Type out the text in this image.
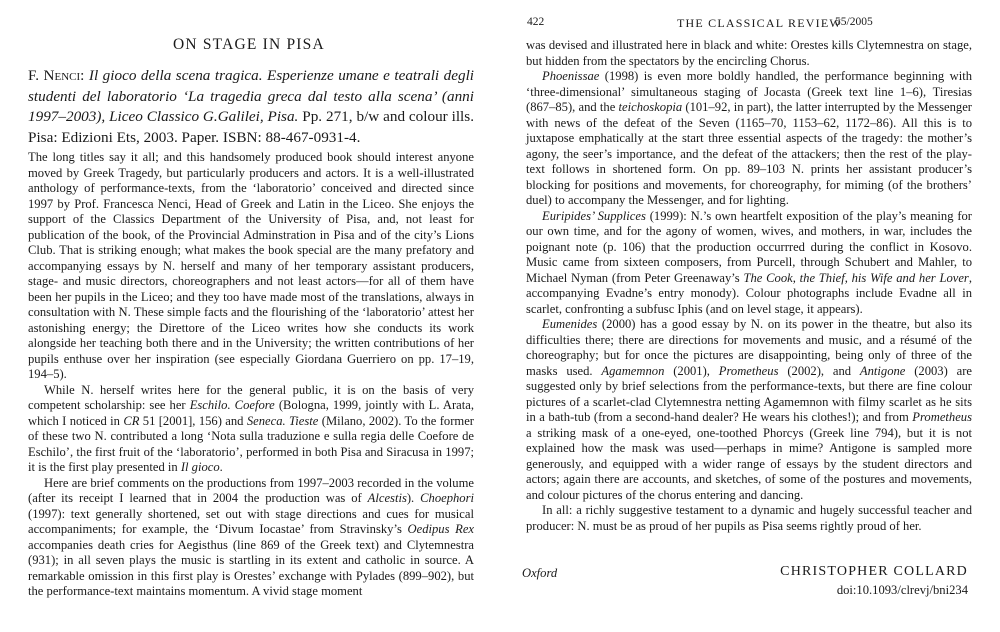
ON STAGE IN PISA
F. Nenci: Il gioco della scena tragica. Esperienze umane e teatrali degli studenti del laboratorio ‘La tragedia greca dal testo alla scena’ (anni 1997–2003), Liceo Classico G.Galilei, Pisa. Pp. 271, b/w and colour ills. Pisa: Edizioni Ets, 2003. Paper. ISBN: 88-467-0931-4.

The long titles say it all; and this handsomely produced book should interest anyone moved by Greek Tragedy, but particularly producers and actors. It is a well-illustrated anthology of performance-texts, from the ‘laboratorio’ conceived and directed since 1997 by Prof. Francesca Nenci, Head of Greek and Latin in the Liceo. She enjoys the support of the Classics Department of the University of Pisa, and, not least for publication of the book, of the Provincial Adminstration in Pisa and of the city’s Lions Club. That is striking enough; what makes the book special are the many prefatory and accompanying essays by N. herself and many of her temporary assistant producers, stage- and music directors, choreographers and not least actors—for all of them have been her pupils in the Liceo; and they too have made most of the translations, always in consultation with N. These simple facts and the flourishing of the ‘laboratorio’ attest her astonishing energy; the Direttore of the Liceo writes how she conducts its work alongside her teaching both there and in the University; the written contributions of her pupils enthuse over her inspiration (see especially Giordana Guerriero on pp. 17–19, 194–5).

While N. herself writes here for the general public, it is on the basis of very competent scholarship: see her Eschilo. Coefore (Bologna, 1999, jointly with L. Arata, which I noticed in CR 51 [2001], 156) and Seneca. Tieste (Milano, 2002). To the former of these two N. contributed a long ‘Nota sulla traduzione e sulla regia delle Coefore de Eschilo’, the first fruit of the ‘laboratorio’, performed in both Pisa and Siracusa in 1997; it is the first play presented in Il gioco.

Here are brief comments on the productions from 1997–2003 recorded in the volume (after its receipt I learned that in 2004 the production was of Alcestis). Choephori (1997): text generally shortened, set out with stage directions and cues for musical accompaniments; for example, the ‘Divum Iocastae’ from Stravinsky’s Oedipus Rex accompanies death cries for Aegisthus (line 869 of the Greek text) and Clytemnestra (931); in all seven plays the music is startling in its extent and catholic in source. A remarkable omission in this first play is Orestes’ exchange with Pylades (899–902), but the performance-text maintains momentum. A vivid stage moment

422	THE CLASSICAL REVIEW
55/2005

was devised and illustrated here in black and white: Orestes kills Clytemnestra on stage, but hidden from the spectators by the encircling Chorus.

Phoenissae (1998) is even more boldly handled, the performance beginning with ‘three-dimensional’ simultaneous staging of Jocasta (Greek text line 1–6), Tiresias (867–85), and the teichoskopia (101–92, in part), the latter interrupted by the Messenger with news of the defeat of the Seven (1165–70, 1153–62, 1172–86). All this is to juxtapose emphatically at the start three essential aspects of the tragedy: the mother’s agony, the seer’s importance, and the defeat of the attackers; then the rest of the play-text follows in shortened form. On pp. 89–103 N. prints her assistant producer’s blocking for positions and movements, for choreography, for miming (of the brothers’ duel) to accompany the Messenger, and for lighting.

Euripides’ Supplices (1999): N.’s own heartfelt exposition of the play’s meaning for our own time, and for the agony of women, wives, and mothers, in war, includes the poignant note (p. 106) that the production occurrred during the conflict in Kosovo. Music came from sixteen composers, from Purcell, through Schubert and Mahler, to Michael Nyman (from Peter Greenaway’s The Cook, the Thief, his Wife and her Lover, accompanying Evadne’s entry monody). Colour photographs include Evadne all in scarlet, confronting a subfusc Iphis (and on level stage, it appears).

Eumenides (2000) has a good essay by N. on its power in the theatre, but also its difficulties there; there are directions for movements and music, and a résumé of the choreography; but for once the pictures are disappointing, being only of three of the masks used. Agamemnon (2001), Prometheus (2002), and Antigone (2003) are suggested only by brief selections from the performance-texts, but there are fine colour pictures of a scarlet-clad Clytemnestra netting Agamemnon with filmy scarlet as he sits in a bath-tub (from a second-hand dealer? He wears his clothes!); and from Prometheus a striking mask of a one-eyed, one-toothed Phorcys (Greek line 794), but it is not explained how the mask was used—perhaps in mime? Antigone is sampled more generously, and equipped with a wider range of essays by the student directors and actors; again there are accounts, and sketches, of some of the postures and movements, and colour pictures of the chorus entering and dancing.

In all: a richly suggestive testament to a dynamic and hugely successful teacher and producer: N. must be as proud of her pupils as Pisa seems rightly proud of her.

Oxford	CHRISTOPHER COLLARD
doi:10.1093/clrevj/bni234
